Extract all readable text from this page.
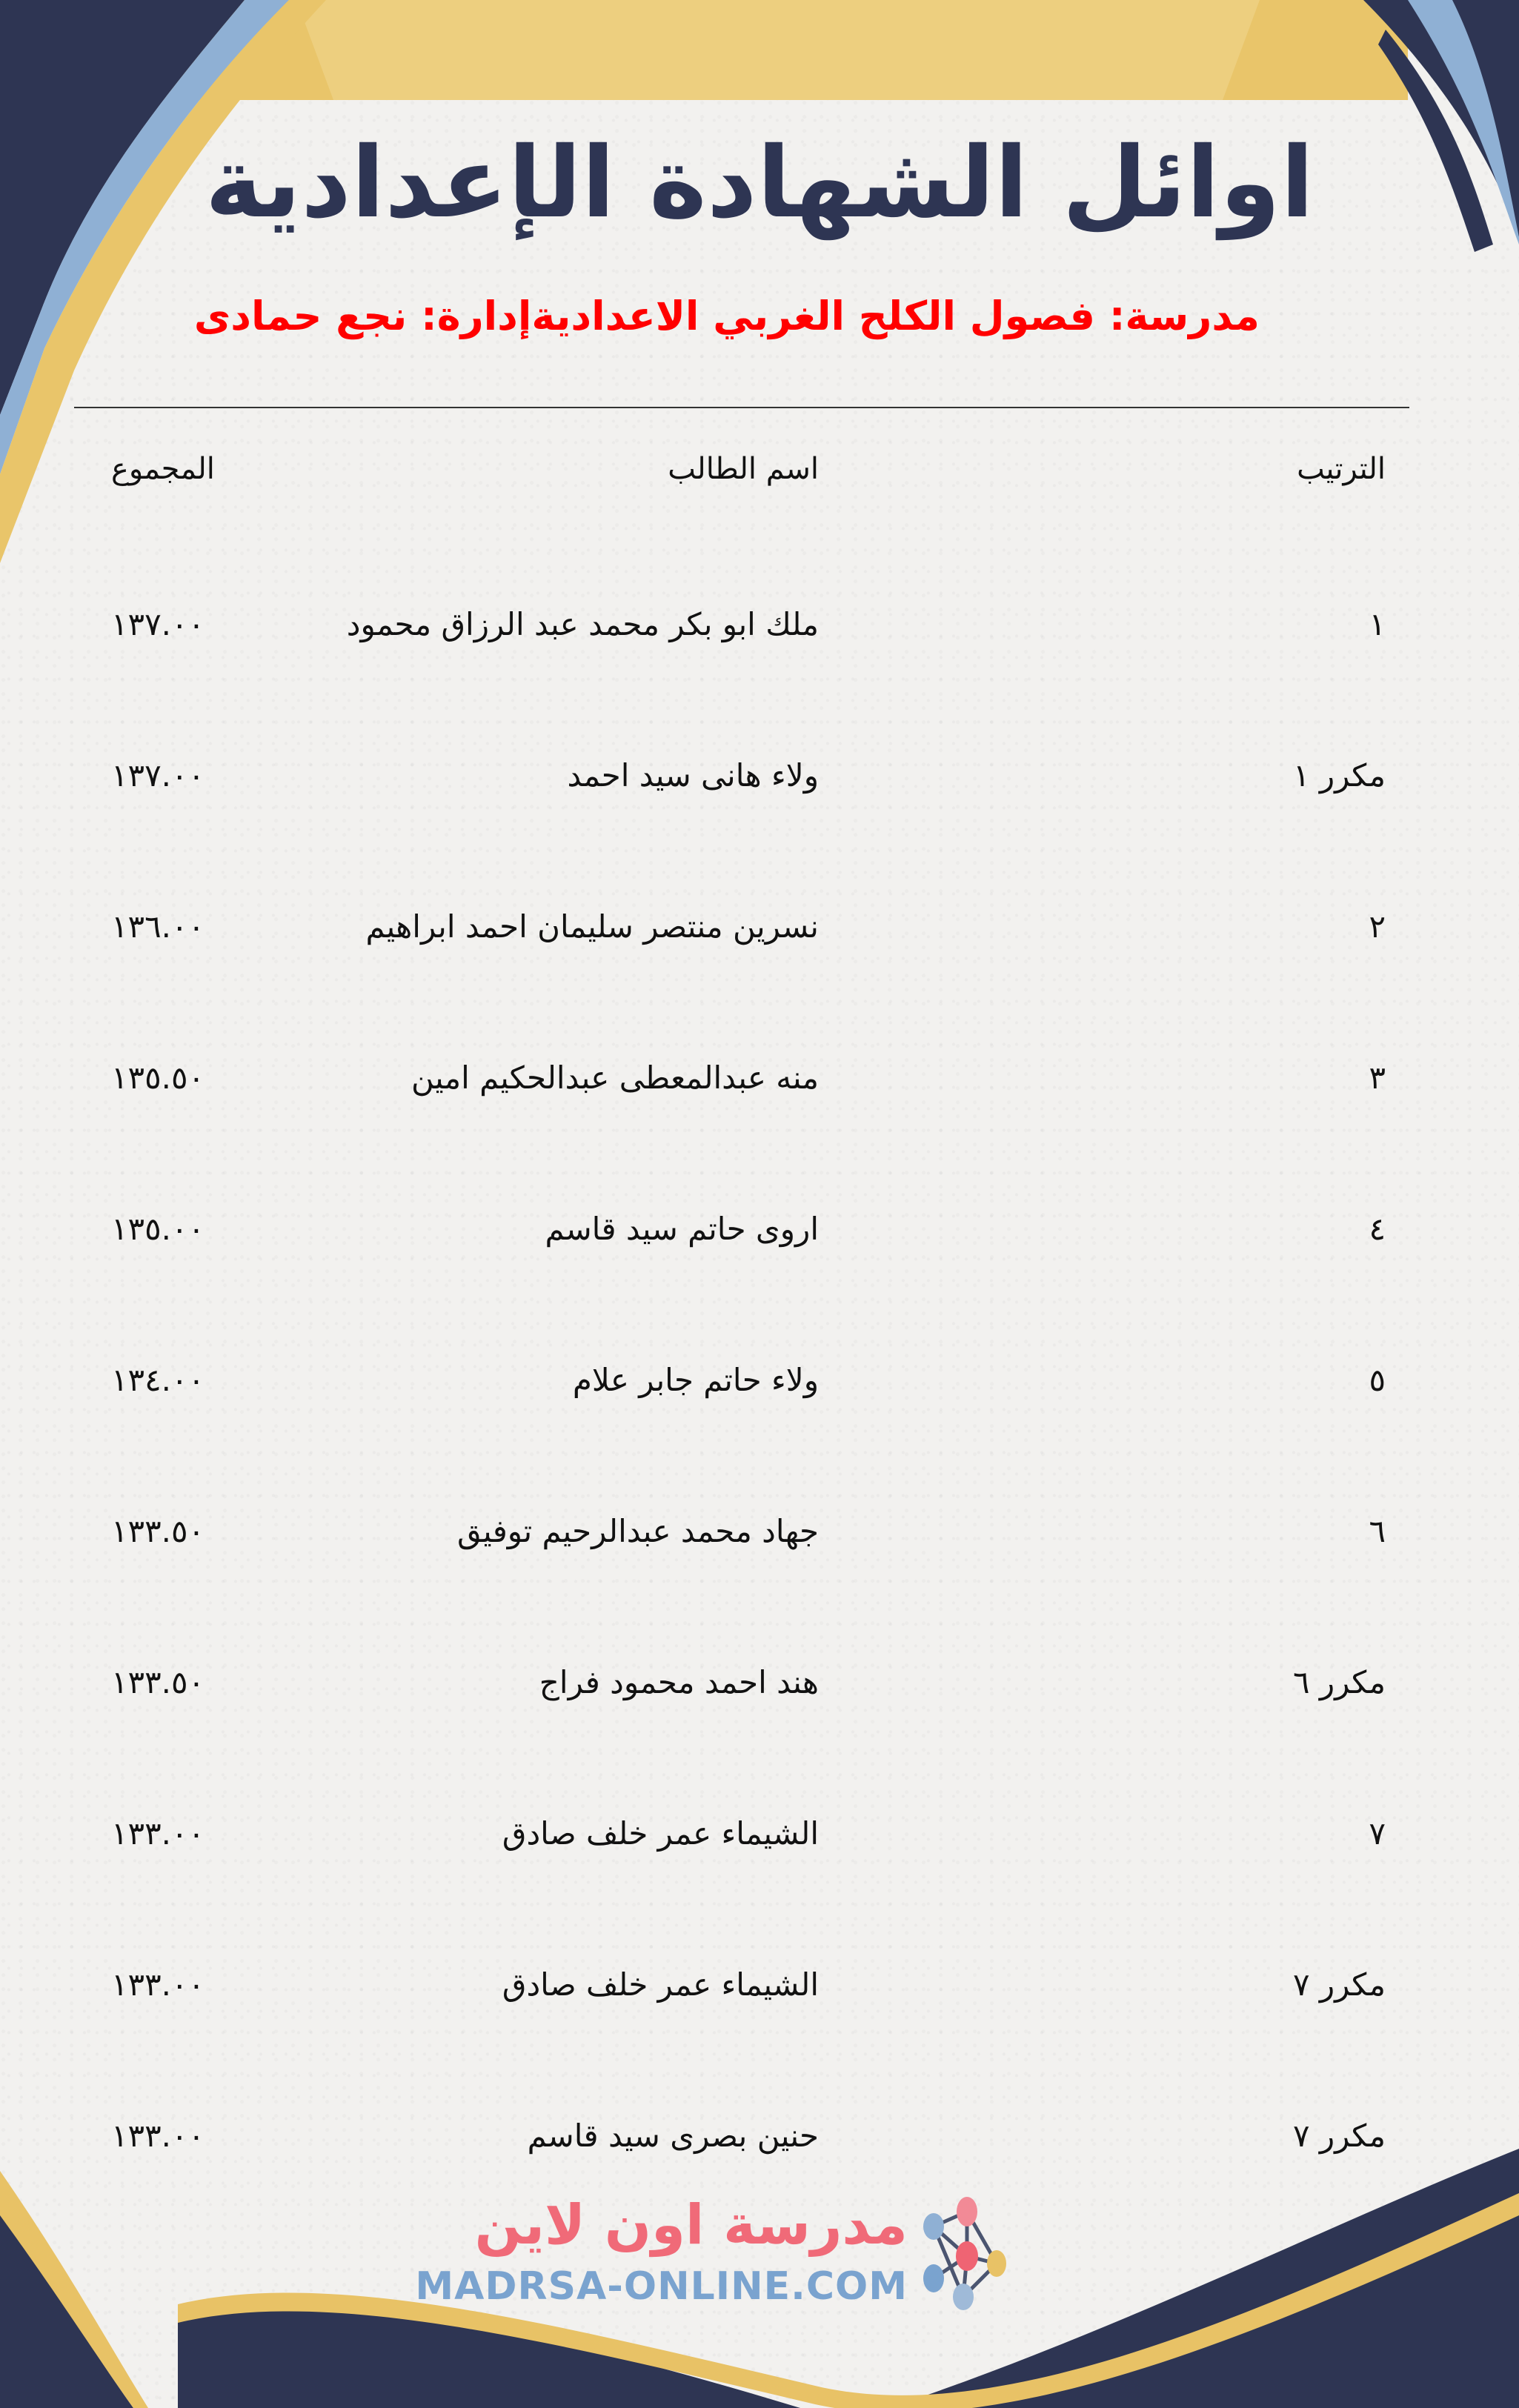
اوائل الشهادة الإعدادية
مدرسة: فصول الكلح الغربي الاعدادية
إدارة: نجع حمادى
الترتيب
اسم الطالب
المجموع
١
ملك ابو بكر محمد عبد الرزاق محمود
١٣٧.٠٠
مكرر ١
ولاء هانى سيد احمد
١٣٧.٠٠
٢
نسرين منتصر سليمان احمد ابراهيم
١٣٦.٠٠
٣
منه عبدالمعطى عبدالحكيم امين
١٣٥.٥٠
٤
اروى حاتم سيد قاسم
١٣٥.٠٠
٥
ولاء حاتم جابر علام
١٣٤.٠٠
٦
جهاد محمد عبدالرحيم توفيق
١٣٣.٥٠
مكرر ٦
هند احمد محمود فراج
١٣٣.٥٠
٧
الشيماء عمر خلف صادق
١٣٣.٠٠
مكرر ٧
الشيماء عمر خلف صادق
١٣٣.٠٠
مكرر ٧
حنين بصرى سيد قاسم
١٣٣.٠٠
مدرسة اون لاين
MADRSA-ONLINE.COM
